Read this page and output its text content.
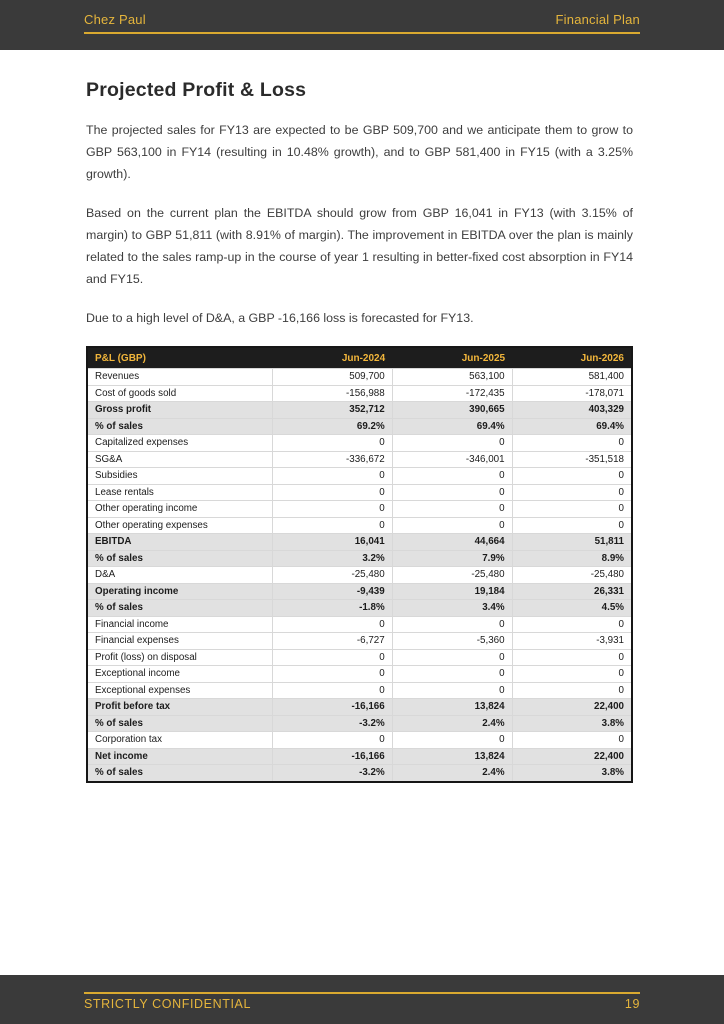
Chez Paul	Financial Plan
Projected Profit & Loss

The projected sales for FY13 are expected to be GBP 509,700 and we anticipate them to grow to GBP 563,100 in FY14 (resulting in 10.48% growth), and to GBP 581,400 in FY15 (with a 3.25% growth).

Based on the current plan the EBITDA should grow from GBP 16,041 in FY13 (with 3.15% of margin) to GBP 51,811 (with 8.91% of margin). The improvement in EBITDA over the plan is mainly related to the sales ramp-up in the course of year 1 resulting in better-fixed cost absorption in FY14 and FY15.

Due to a high level of D&A, a GBP -16,166 loss is forecasted for FY13.

P&L (GBP)	Jun-2024	Jun-2025	Jun-2026
Revenues	509,700	563,100	581,400
Cost of goods sold	-156,988	-172,435	-178,071
Gross profit	352,712	390,665	403,329
% of sales	69.2%	69.4%	69.4%
Capitalized expenses	0	0	0
SG&A	-336,672	-346,001	-351,518
Subsidies	0	0	0
Lease rentals	0	0	0
Other operating income	0	0	0
Other operating expenses	0	0	0
EBITDA	16,041	44,664	51,811
% of sales	3.2%	7.9%	8.9%
D&A	-25,480	-25,480	-25,480
Operating income	-9,439	19,184	26,331
% of sales	-1.8%	3.4%	4.5%
Financial income	0	0	0
Financial expenses	-6,727	-5,360	-3,931
Profit (loss) on disposal	0	0	0
Exceptional income	0	0	0
Exceptional expenses	0	0	0
Profit before tax	-16,166	13,824	22,400
% of sales	-3.2%	2.4%	3.8%
Corporation tax	0	0	0
Net income	-16,166	13,824	22,400
% of sales	-3.2%	2.4%	3.8%
STRICTLY CONFIDENTIAL	19
